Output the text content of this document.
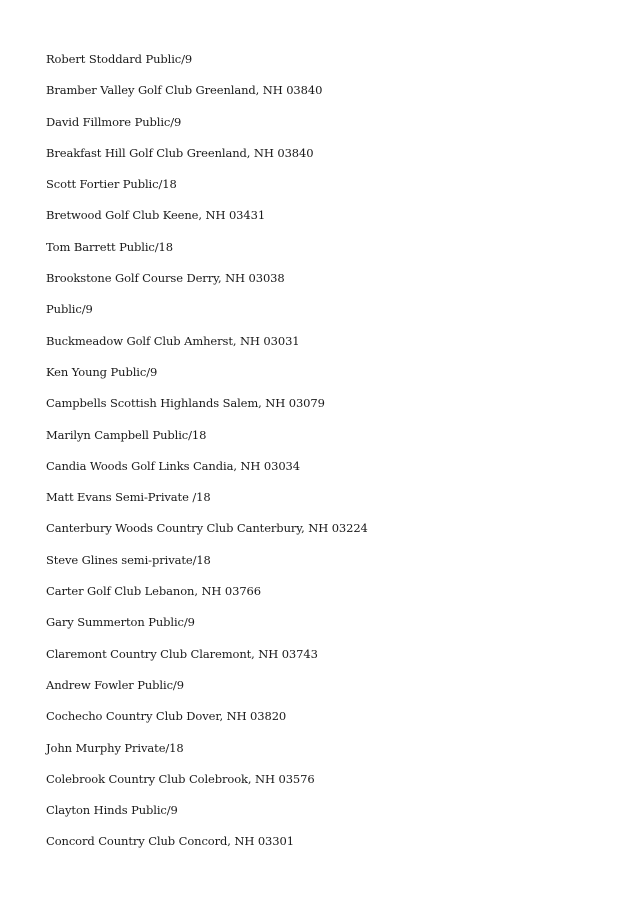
Robert Stoddard Public/9
Bramber Valley Golf Club Greenland, NH 03840
David Fillmore Public/9
Breakfast Hill Golf Club Greenland, NH 03840
Scott Fortier Public/18
Bretwood Golf Club Keene, NH 03431
Tom Barrett Public/18
Brookstone Golf Course Derry, NH 03038
Public/9
Buckmeadow Golf Club Amherst, NH 03031
Ken Young Public/9
Campbells Scottish Highlands Salem, NH 03079
Marilyn Campbell Public/18
Candia Woods Golf Links Candia, NH 03034
Matt Evans Semi-Private /18
Canterbury Woods Country Club Canterbury, NH 03224
Steve Glines semi-private/18
Carter Golf Club Lebanon, NH 03766
Gary Summerton Public/9
Claremont Country Club Claremont, NH 03743
Andrew Fowler Public/9
Cochecho Country Club Dover, NH 03820
John Murphy Private/18
Colebrook Country Club Colebrook, NH 03576
Clayton Hinds Public/9
Concord Country Club Concord, NH 03301
